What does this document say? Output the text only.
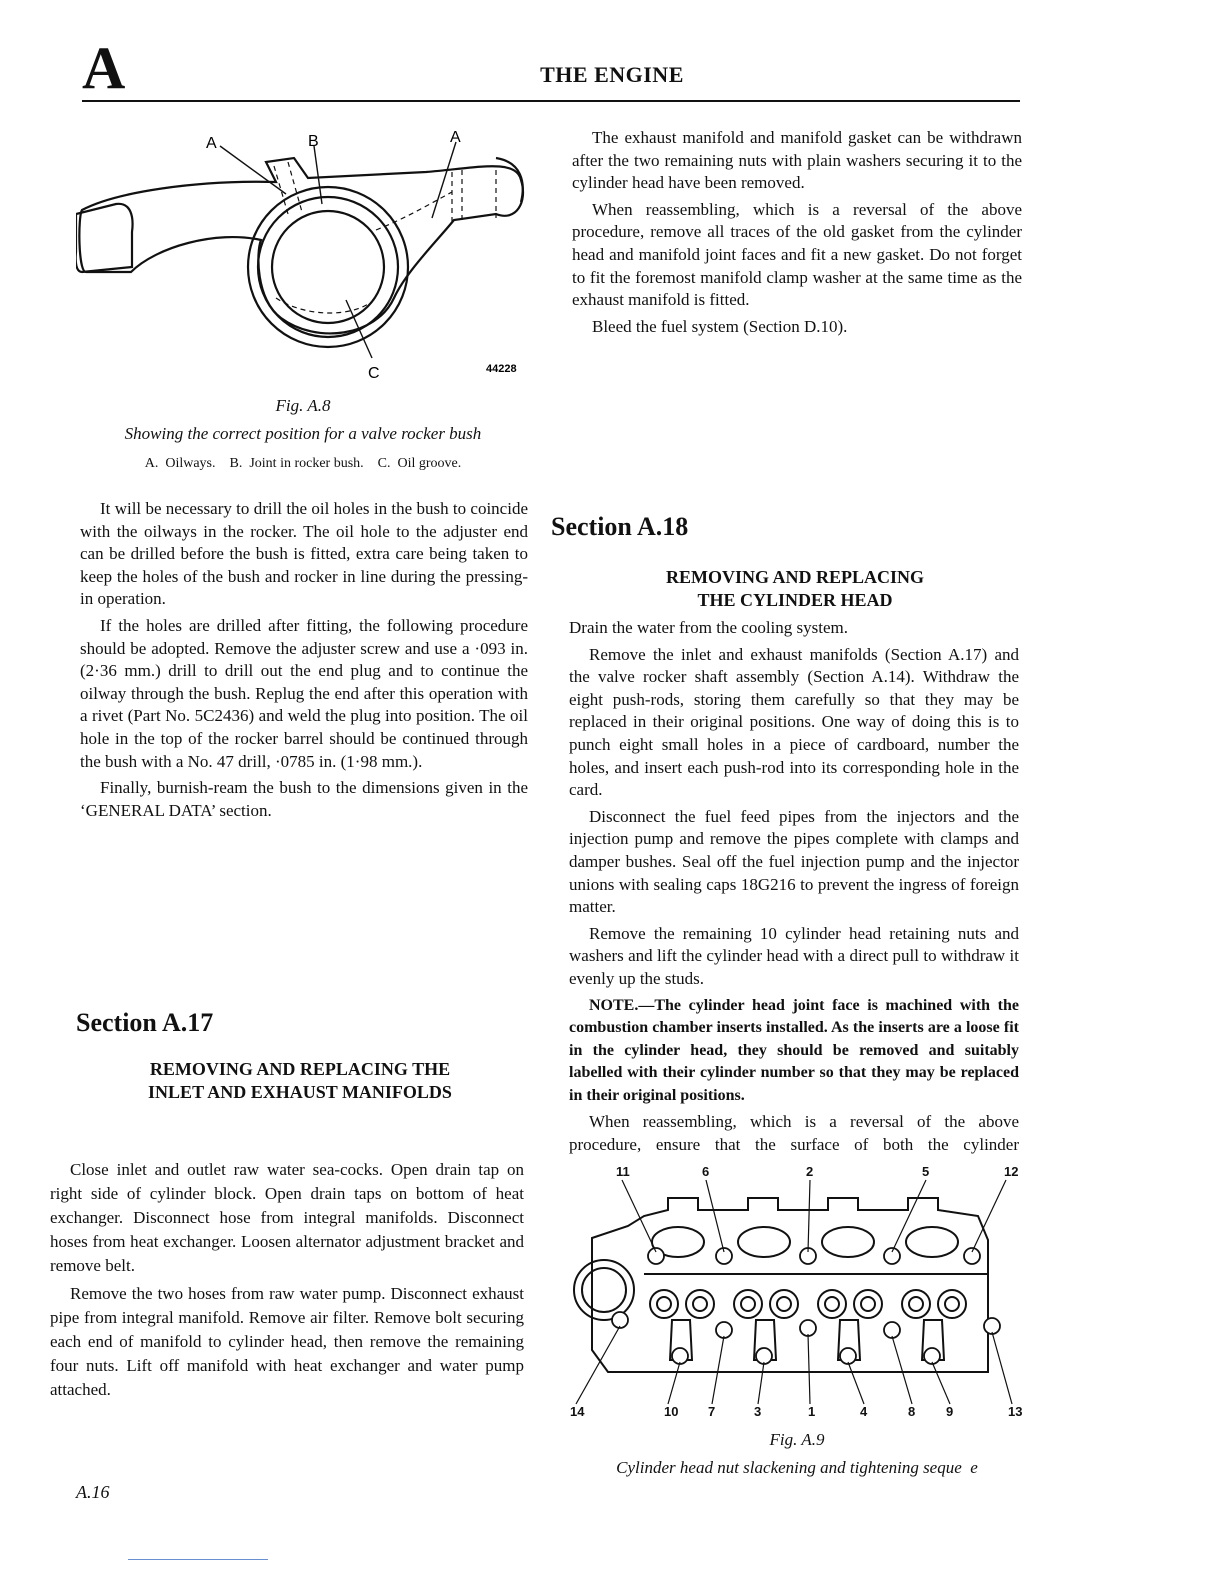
A	THE ENGINE
A	B	A
C	44228
Fig. A.8
Showing the correct position for a valve rocker bush
A.  Oilways.    B.  Joint in rocker bush.    C.  Oil groove.

It will be necessary to drill the oil holes in the bush to coincide with the oilways in the rocker. The oil hole to the adjuster end can be drilled before the bush is fitted, extra care being taken to keep the holes of the bush and rocker in line during the pressing-in operation.

If the holes are drilled after fitting, the following procedure should be adopted. Remove the adjuster screw and use a ·093 in. (2·36 mm.) drill to drill out the end plug and to continue the oilway through the bush. Replug the end after this operation with a rivet (Part No. 5C2436) and weld the plug into position. The oil hole in the top of the rocker barrel should be continued through the bush with a No. 47 drill, ·0785 in. (1·98 mm.).

Finally, burnish-ream the bush to the dimensions given in the ‘GENERAL DATA’ section.

Section A.17
REMOVING AND REPLACING THE
INLET AND EXHAUST MANIFOLDS

Close inlet and outlet raw water sea-cocks. Open drain tap on right side of cylinder block. Open drain taps on bottom of heat exchanger. Disconnect hose from integral manifolds. Disconnect hoses from heat exchanger. Loosen alternator adjustment bracket and remove belt.

Remove the two hoses from raw water pump. Disconnect exhaust pipe from integral manifold. Remove air filter. Remove bolt securing each end of manifold to cylinder head, then remove the remaining four nuts. Lift off manifold with heat exchanger and water pump attached.

The exhaust manifold and manifold gasket can be withdrawn after the two remaining nuts with plain washers securing it to the cylinder head have been removed.

When reassembling, which is a reversal of the above procedure, remove all traces of the old gasket from the cylinder head and manifold joint faces and fit a new gasket. Do not forget to fit the foremost manifold clamp washer at the same time as the exhaust manifold is fitted.

Bleed the fuel system (Section D.10).

Section A.18
REMOVING AND REPLACING
THE CYLINDER HEAD

Drain the water from the cooling system.

Remove the inlet and exhaust manifolds (Section A.17) and the valve rocker shaft assembly (Section A.14). Withdraw the eight push-rods, storing them carefully so that they may be replaced in their original positions. One way of doing this is to punch eight small holes in a piece of cardboard, number the holes, and insert each push-rod into its corresponding hole in the card.

Disconnect the fuel feed pipes from the injectors and the injection pump and remove the pipes complete with clamps and damper bushes. Seal off the fuel injection pump and the injector unions with sealing caps 18G216 to prevent the ingress of foreign matter.

Remove the remaining 10 cylinder head retaining nuts and washers and lift the cylinder head with a direct pull to withdraw it evenly up the studs.

NOTE.—The cylinder head joint face is machined with the combustion chamber inserts installed. As the inserts are a loose fit in the cylinder head, they should be removed and suitably labelled with their cylinder number so that they may be replaced in their original positions.

When reassembling, which is a reversal of the above procedure, ensure that the surface of both the cylinder

11	6	2	5	12
14	10 7	3	1	4	8 9	13
Fig. A.9
Cylinder head nut slackening and tightening seque  e
A.16
